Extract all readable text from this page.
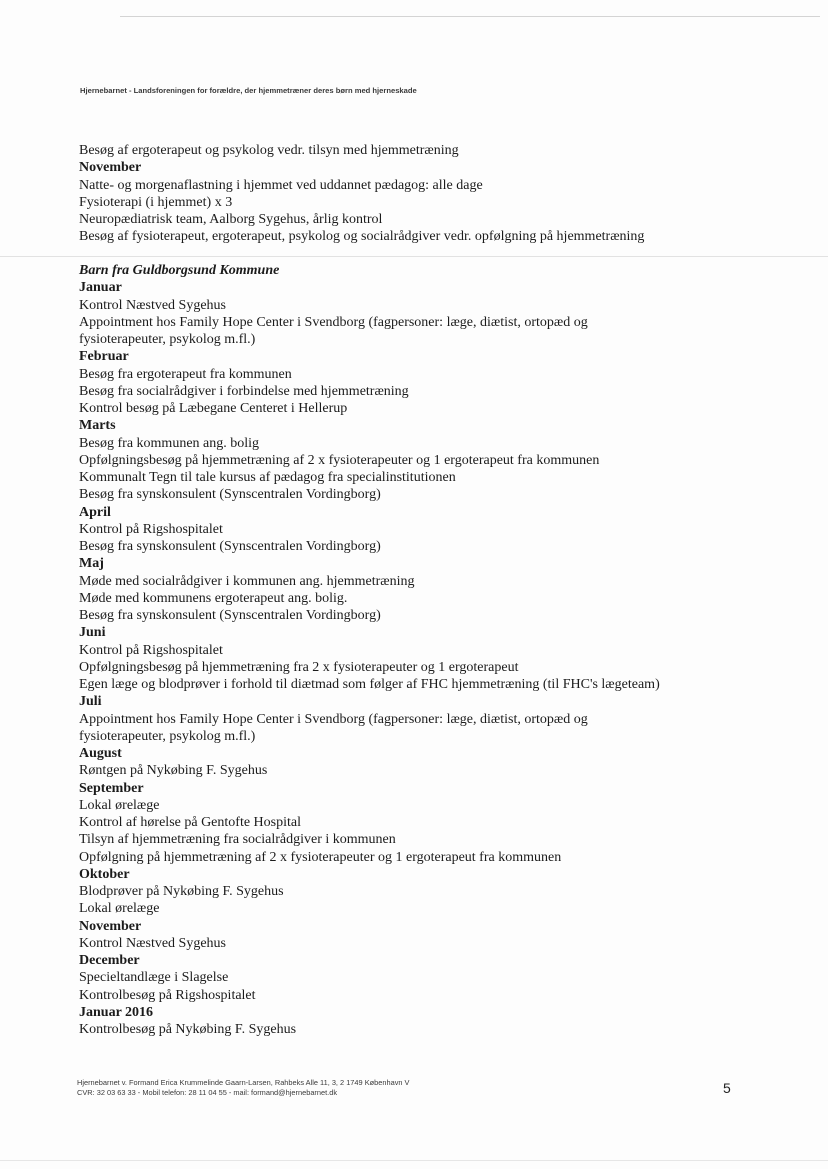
Hjernebarnet - Landsforeningen for forældre, der hjemmetræner deres børn med hjerneskade
Besøg af ergoterapeut og psykolog vedr. tilsyn med hjemmetræning
November
Natte- og morgenaflastning i hjemmet ved uddannet pædagog: alle dage
Fysioterapi (i hjemmet) x 3
Neuropædiatrisk team, Aalborg Sygehus, årlig kontrol
Besøg af fysioterapeut, ergoterapeut, psykolog og socialrådgiver vedr. opfølgning på hjemmetræning
Barn fra Guldborgsund Kommune
Januar
Kontrol Næstved Sygehus
Appointment hos Family Hope Center i Svendborg (fagpersoner: læge, diætist, ortopæd og
fysioterapeuter, psykolog m.fl.)
Februar
Besøg fra ergoterapeut fra kommunen
Besøg fra socialrådgiver i forbindelse med hjemmetræning
Kontrol besøg på Læbegane Centeret i Hellerup
Marts
Besøg fra kommunen ang. bolig
Opfølgningsbesøg på hjemmetræning af 2 x fysioterapeuter og 1 ergoterapeut fra kommunen
Kommunalt Tegn til tale kursus af pædagog fra specialinstitutionen
Besøg fra synskonsulent (Synscentralen Vordingborg)
April
Kontrol på Rigshospitalet
Besøg fra synskonsulent (Synscentralen Vordingborg)
Maj
Møde med socialrådgiver i kommunen ang. hjemmetræning
Møde med kommunens ergoterapeut ang. bolig.
Besøg fra synskonsulent (Synscentralen Vordingborg)
Juni
Kontrol på Rigshospitalet
Opfølgningsbesøg på hjemmetræning fra 2 x fysioterapeuter og 1 ergoterapeut
Egen læge og blodprøver i forhold til diætmad som følger af FHC hjemmetræning (til FHC's lægeteam)
Juli
Appointment hos Family Hope Center i Svendborg (fagpersoner: læge, diætist, ortopæd og
fysioterapeuter, psykolog m.fl.)
August
Røntgen på Nykøbing F. Sygehus
September
Lokal ørelæge
Kontrol af hørelse på Gentofte Hospital
Tilsyn af hjemmetræning fra socialrådgiver i kommunen
Opfølgning på hjemmetræning af 2 x fysioterapeuter og 1 ergoterapeut fra kommunen
Oktober
Blodprøver på Nykøbing F. Sygehus
Lokal ørelæge
November
Kontrol Næstved Sygehus
December
Specieltandlæge i Slagelse
Kontrolbesøg på Rigshospitalet
Januar 2016
Kontrolbesøg på Nykøbing F. Sygehus
Hjernebarnet v. Formand Erica Krummelinde Gaarn-Larsen, Rahbeks Alle 11, 3, 2 1749 København V
CVR: 32 03 63 33 - Mobil telefon: 28 11 04 55 - mail: formand@hjernebarnet.dk	5
